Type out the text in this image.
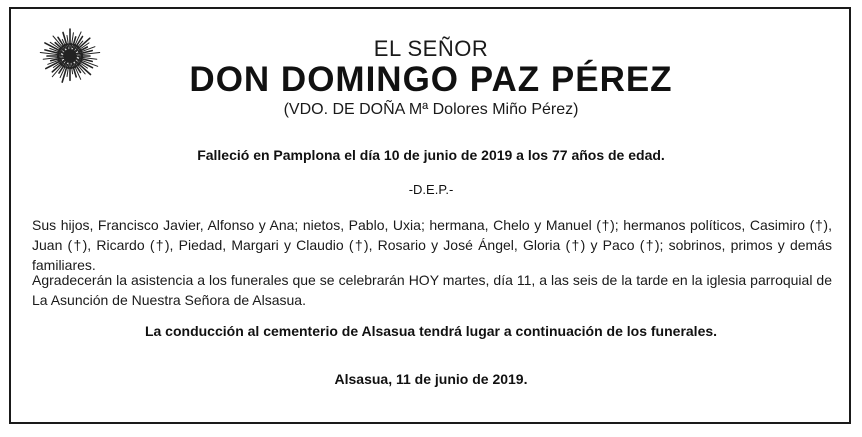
EL SEÑOR
DON DOMINGO PAZ PÉREZ
(VDO. DE DOÑA Mª Dolores Miño Pérez)
Falleció en Pamplona el día 10 de junio de 2019 a los 77 años de edad.
-D.E.P.-
Sus hijos, Francisco Javier, Alfonso y Ana; nietos, Pablo, Uxia; hermana, Chelo y Manuel (†); hermanos políticos, Casimiro (†), Juan (†), Ricardo (†), Piedad, Margari y Claudio (†), Rosario y José Ángel, Gloria (†) y Paco (†); sobrinos, primos y demás familiares.
Agradecerán la asistencia a los funerales que se celebrarán HOY martes, día 11, a las seis de la tarde en la iglesia parroquial de La Asunción de Nuestra Señora de Alsasua.
La conducción al cementerio de Alsasua tendrá lugar a continuación de los funerales.
Alsasua, 11 de junio de 2019.
